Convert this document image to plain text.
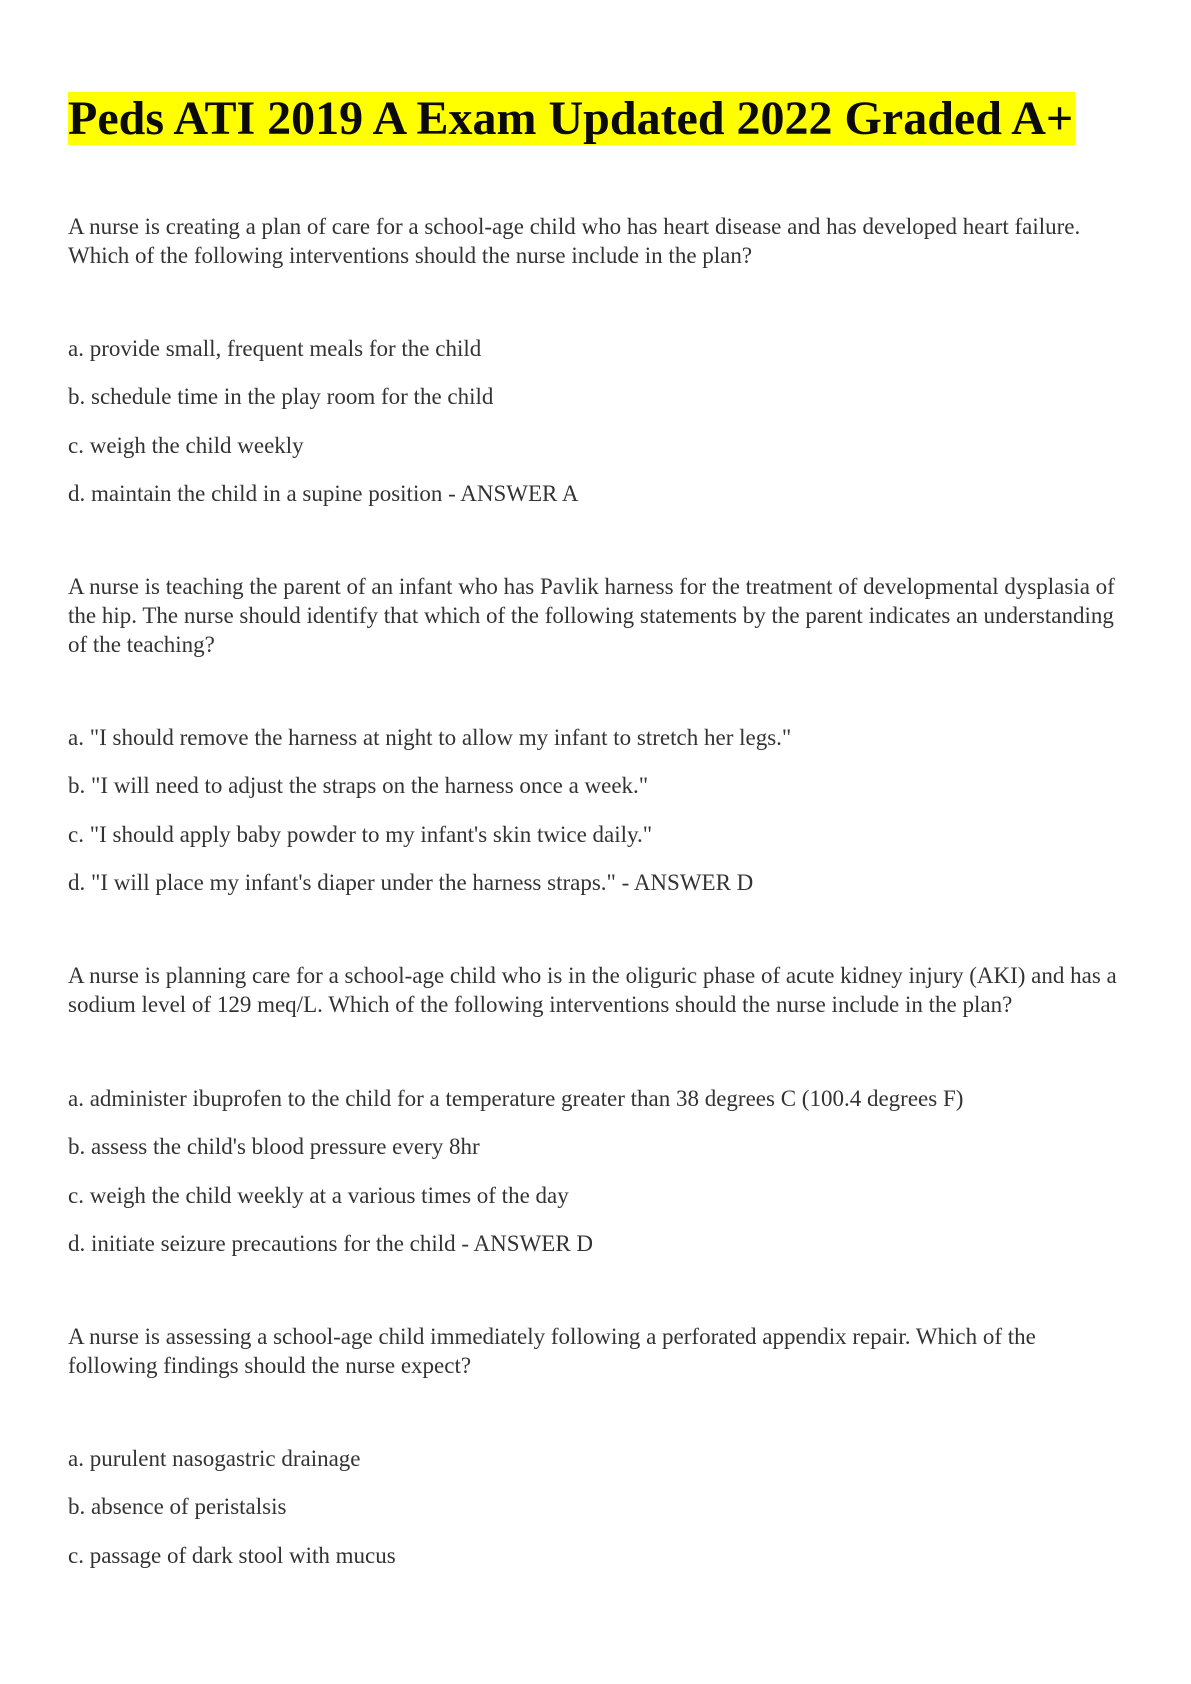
Peds ATI 2019 A Exam Updated 2022 Graded A+

A nurse is creating a plan of care for a school-age child who has heart disease and has developed heart failure. Which of the following interventions should the nurse include in the plan?

a. provide small, frequent meals for the child

b. schedule time in the play room for the child

c. weigh the child weekly

d. maintain the child in a supine position - ANSWER A

A nurse is teaching the parent of an infant who has Pavlik harness for the treatment of developmental dysplasia of the hip. The nurse should identify that which of the following statements by the parent indicates an understanding of the teaching?

a. "I should remove the harness at night to allow my infant to stretch her legs."

b. "I will need to adjust the straps on the harness once a week."

c. "I should apply baby powder to my infant's skin twice daily."

d. "I will place my infant's diaper under the harness straps." - ANSWER D

A nurse is planning care for a school-age child who is in the oliguric phase of acute kidney injury (AKI) and has a sodium level of 129 meq/L. Which of the following interventions should the nurse include in the plan?

a. administer ibuprofen to the child for a temperature greater than 38 degrees C (100.4 degrees F)

b. assess the child's blood pressure every 8hr

c. weigh the child weekly at a various times of the day

d. initiate seizure precautions for the child - ANSWER D

A nurse is assessing a school-age child immediately following a perforated appendix repair. Which of the following findings should the nurse expect?

a. purulent nasogastric drainage

b. absence of peristalsis

c. passage of dark stool with mucus
